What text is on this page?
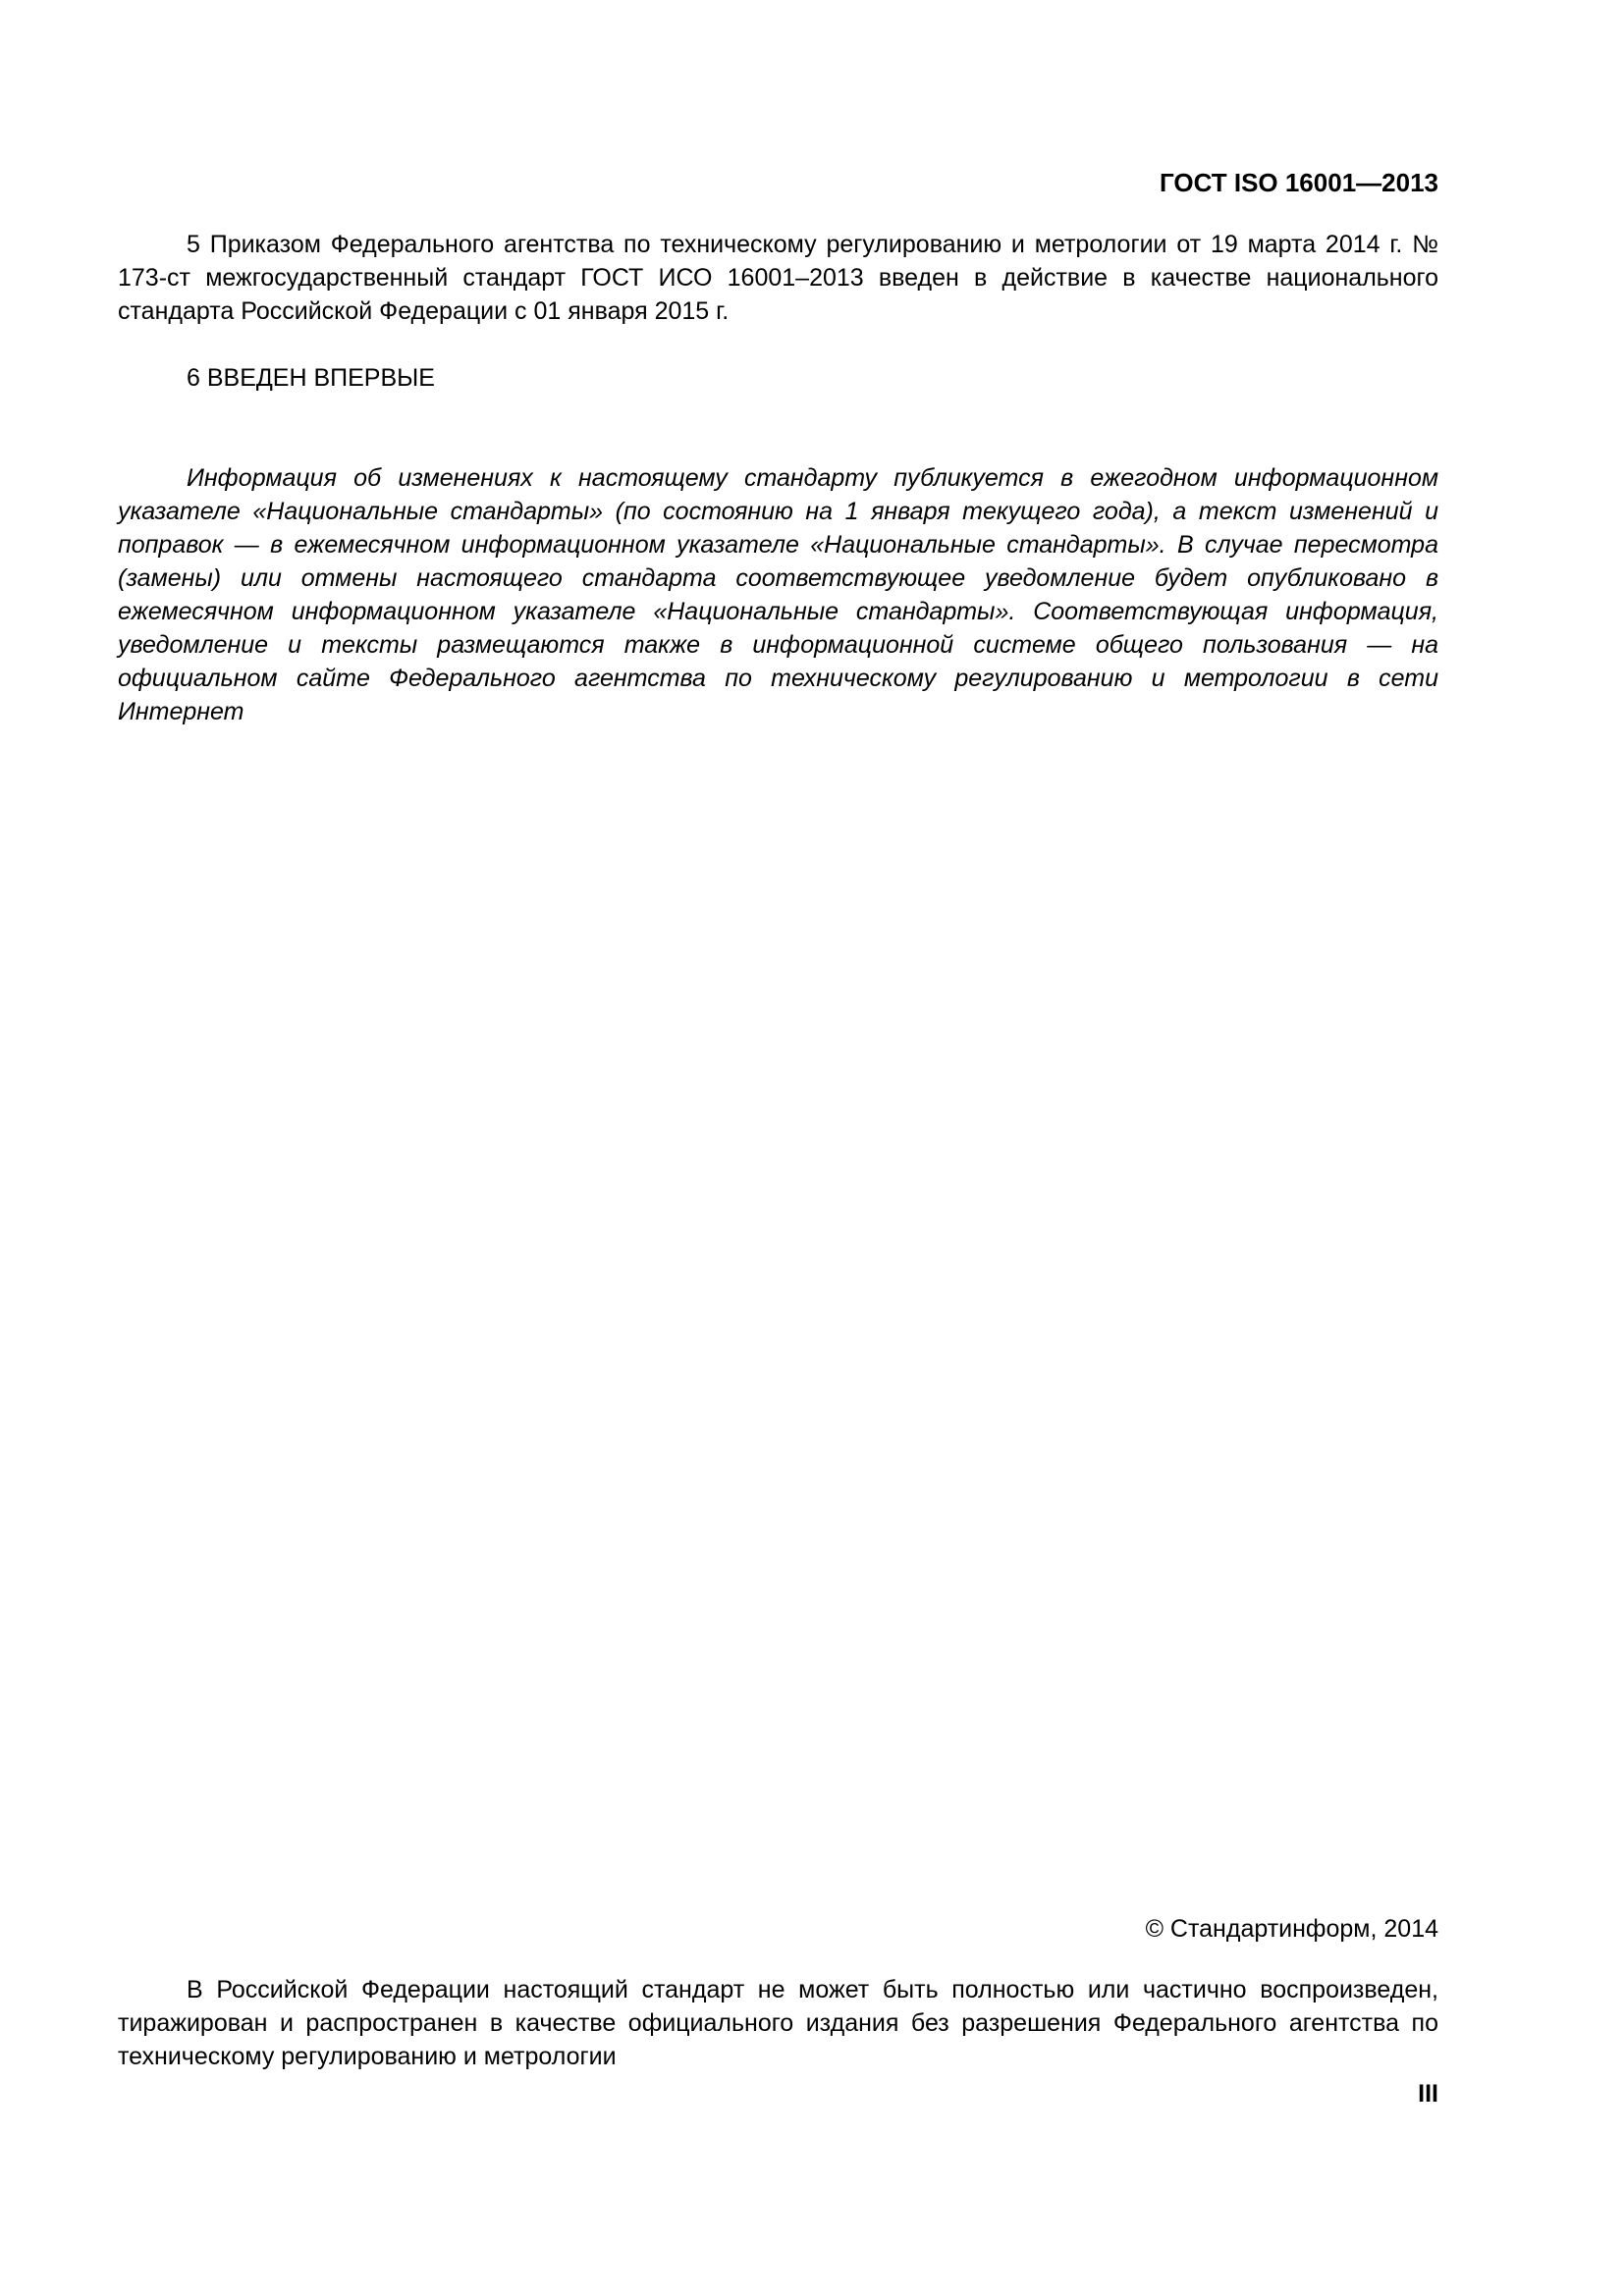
ГОСТ ISO 16001—2013

5 Приказом Федерального агентства по техническому регулированию и метрологии от 19 марта 2014 г. № 173-ст межгосударственный стандарт ГОСТ ИСО 16001–2013 введен в действие в качестве национального стандарта Российской Федерации с 01 января 2015 г.

6 ВВЕДЕН ВПЕРВЫЕ

Информация об изменениях к настоящему стандарту публикуется в ежегодном информационном указателе «Национальные стандарты» (по состоянию на 1 января текущего года), а текст изменений и поправок — в ежемесячном информационном указателе «Национальные стандарты». В случае пересмотра (замены) или отмены настоящего стандарта соответствующее уведомление будет опубликовано в ежемесячном информационном указателе «Национальные стандарты». Соответствующая информация, уведомление и тексты размещаются также в информационной системе общего пользования — на официальном сайте Федерального агентства по техническому регулированию и метрологии в сети Интернет

© Стандартинформ, 2014

В Российской Федерации настоящий стандарт не может быть полностью или частично воспроизведен, тиражирован и распространен в качестве официального издания без разрешения Федерального агентства по техническому регулированию и метрологии

III
